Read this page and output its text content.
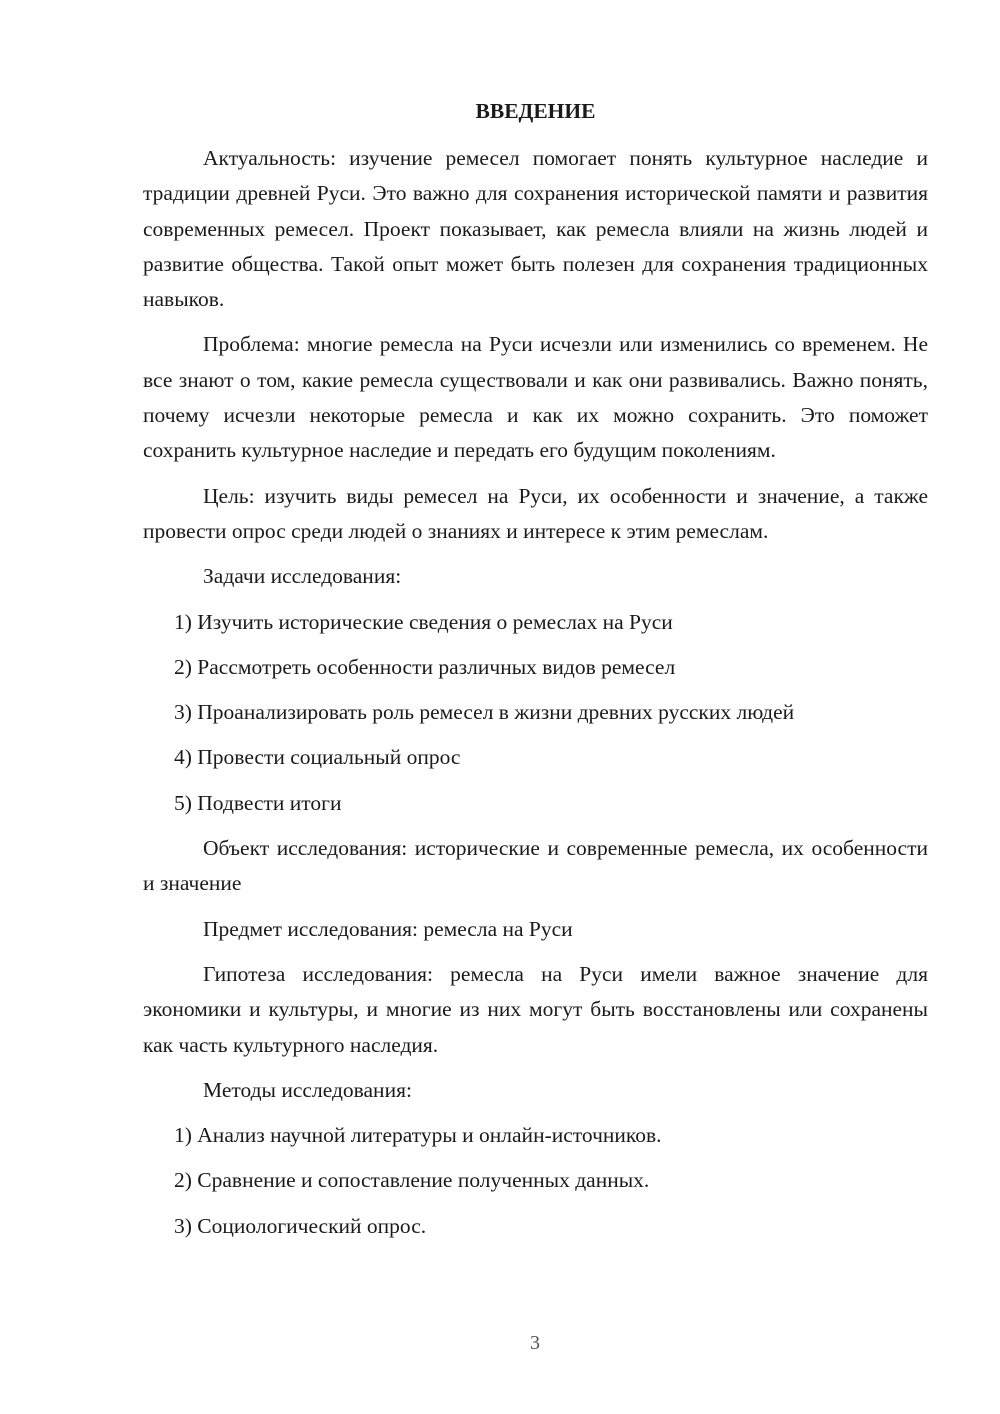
ВВЕДЕНИЕ

Актуальность: изучение ремесел помогает понять культурное наследие и традиции древней Руси. Это важно для сохранения исторической памяти и развития современных ремесел. Проект показывает, как ремесла влияли на жизнь людей и развитие общества. Такой опыт может быть полезен для сохранения традиционных навыков.

Проблема: многие ремесла на Руси исчезли или изменились со временем. Не все знают о том, какие ремесла существовали и как они развивались. Важно понять, почему исчезли некоторые ремесла и как их можно сохранить. Это поможет сохранить культурное наследие и передать его будущим поколениям.

Цель: изучить виды ремесел на Руси, их особенности и значение, а также провести опрос среди людей о знаниях и интересе к этим ремеслам.

Задачи исследования:

1) Изучить исторические сведения о ремеслах на Руси

2) Рассмотреть особенности различных видов ремесел

3) Проанализировать роль ремесел в жизни древних русских людей

4) Провести социальный опрос

5) Подвести итоги

Объект исследования: исторические и современные ремесла, их особенности и значение

Предмет исследования: ремесла на Руси

Гипотеза исследования: ремесла на Руси имели важное значение для экономики и культуры, и многие из них могут быть восстановлены или сохранены как часть культурного наследия.

Методы исследования:

1) Анализ научной литературы и онлайн-источников.

2) Сравнение и сопоставление полученных данных.

3) Социологический опрос.

3
